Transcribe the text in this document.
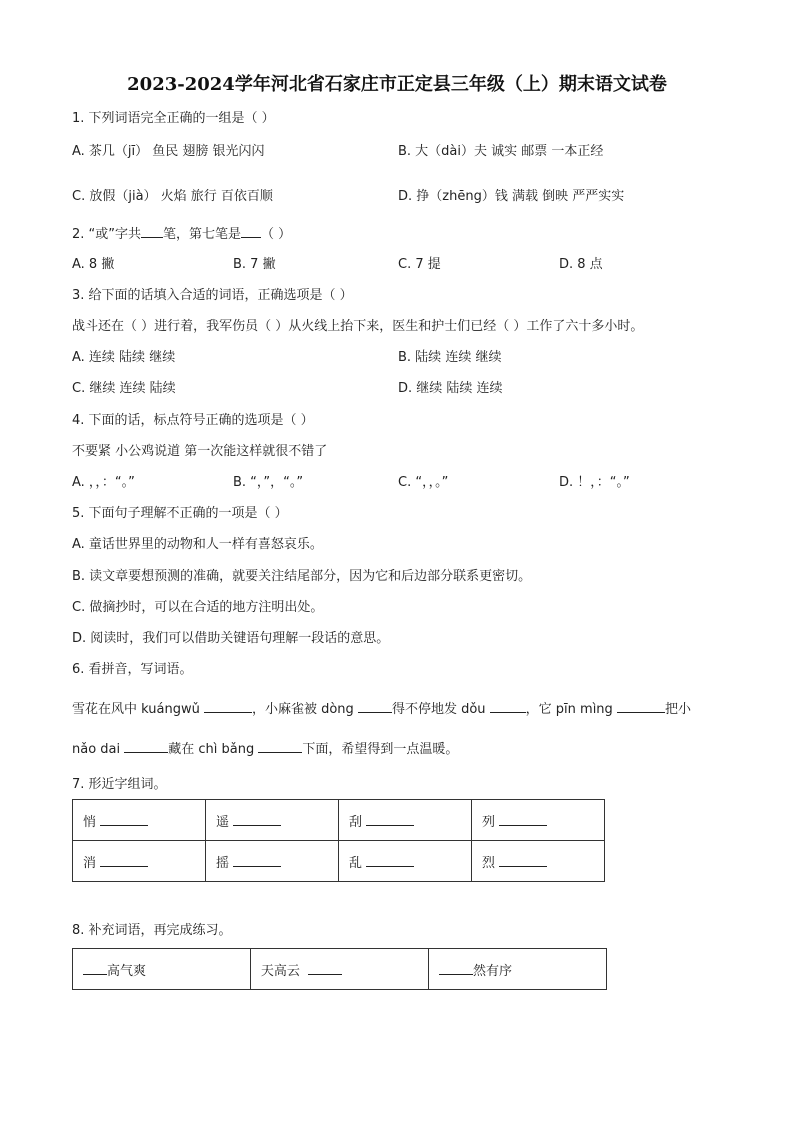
2023-2024学年河北省石家庄市正定县三年级（上）期末语文试卷
1. 下列词语完全正确的一组是（ ）
A. 茶几（jī） 鱼民 翅膀 银光闪闪	B. 大（dài）夫 诚实 邮票 一本正经
C. 放假（jià） 火焰 旅行 百依百顺	D. 挣（zhēng）钱 满载 倒映 严严实实
2. “或”字共 笔，第七笔是 （ ）
A. 8 撇	B. 7 撇	C. 7 提	D. 8 点
3. 给下面的话填入合适的词语，正确选项是（ ）
战斗还在（ ）进行着，我军伤员（ ）从火线上抬下来，医生和护士们已经（ ）工作了六十多小时。
A. 连续 陆续 继续	B. 陆续 连续 继续
C. 继续 连续 陆续	D. 继续 陆续 连续
4. 下面的话，标点符号正确的选项是（ ）
不要紧 小公鸡说道 第一次能这样就很不错了
A. ，，：“。”	B. “，”，“。”	C. “，，。”	D. ！，：“。”
5. 下面句子理解不正确的一项是（ ）
A. 童话世界里的动物和人一样有喜怒哀乐。
B. 读文章要想预测的准确，就要关注结尾部分，因为它和后边部分联系更密切。
C. 做摘抄时，可以在合适的地方注明出处。
D. 阅读时，我们可以借助关键语句理解一段话的意思。
6. 看拼音，写词语。
雪花在风中 kuángwǔ	，小麻雀被 dòng	得不停地发 dǒu	，它 pīn mìng	把小
nǎo dai	藏在 chì bǎng	下面，希望得到一点温暖。
7. 形近字组词。
悄	遥	刮	列
消	摇	乱	烈
8. 补充词语，再完成练习。
高气爽	天高云	然有序
